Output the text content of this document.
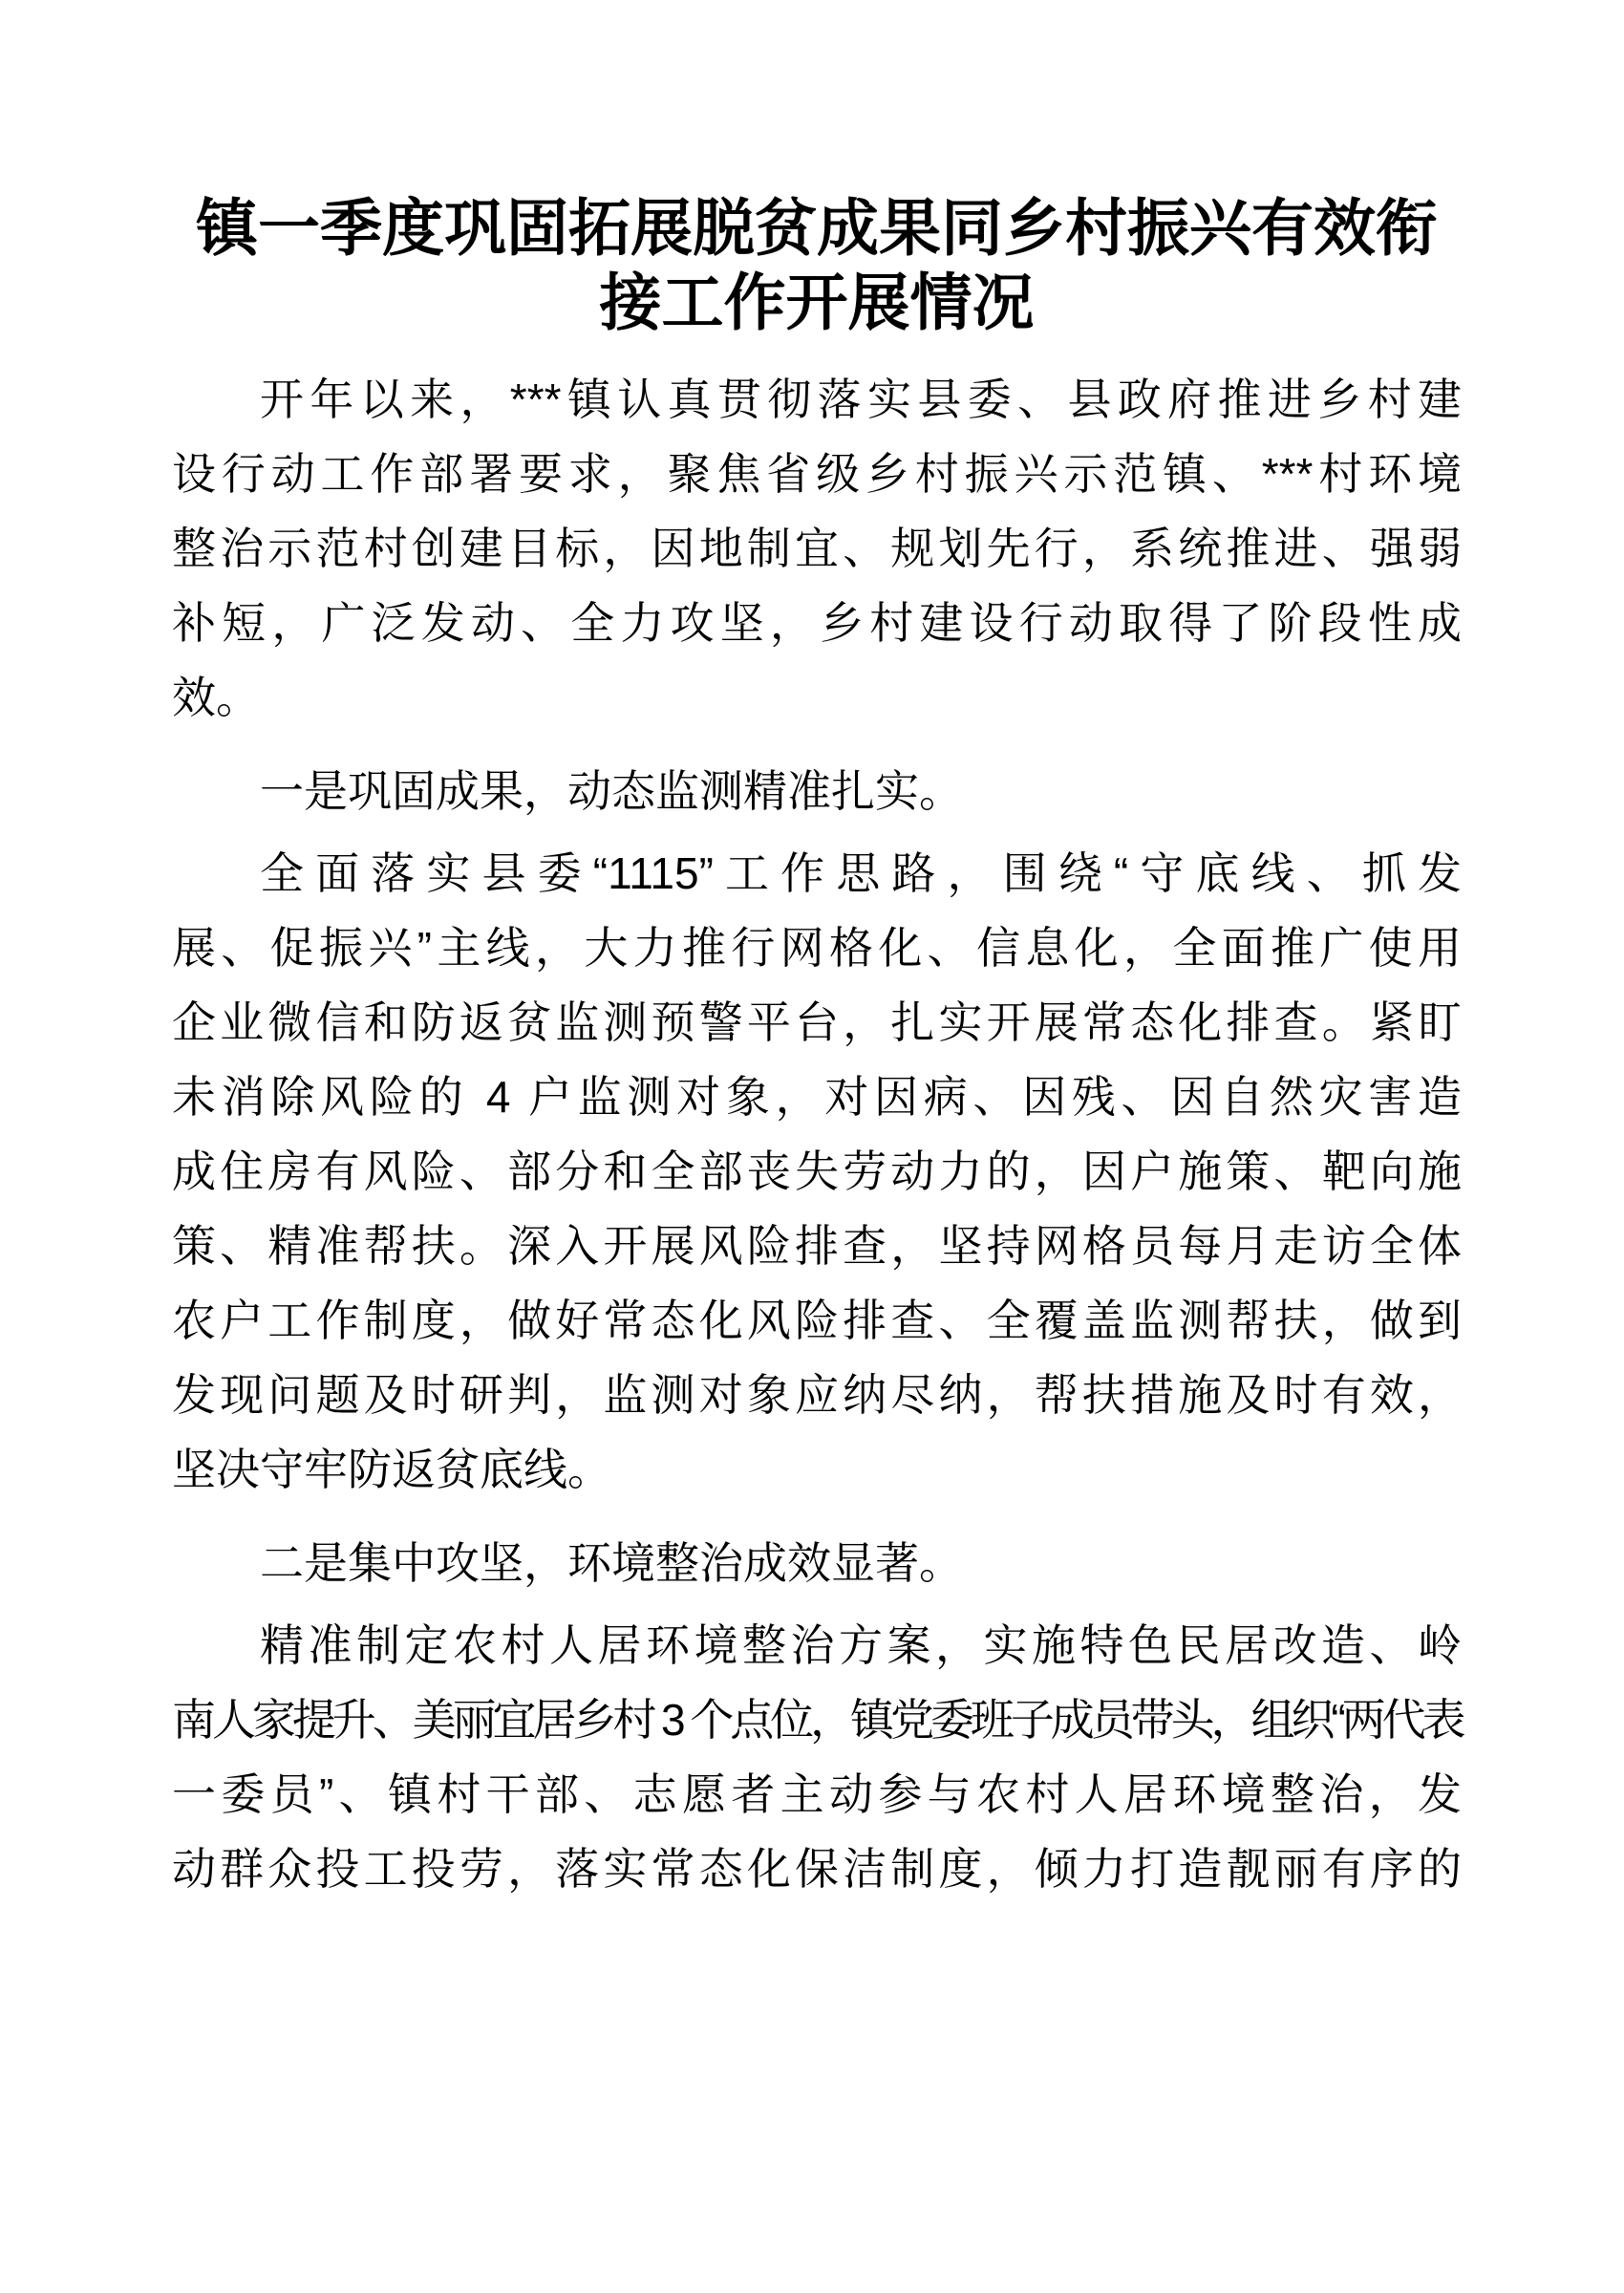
镇一季度巩固拓展脱贫成果同乡村振兴有效衔
接工作开展情况
开年以来，***镇认真贯彻落实县委、县政府推进乡村建
设行动工作部署要求，聚焦省级乡村振兴示范镇、***村环境
整治示范村创建目标，因地制宜、规划先行，系统推进、强弱
补短，广泛发动、全力攻坚，乡村建设行动取得了阶段性成
效。
一是巩固成果，动态监测精准扎实。
全面落实县委“1115”工作思路，围绕“守底线、抓发
展、促振兴”主线，大力推行网格化、信息化，全面推广使用
企业微信和防返贫监测预警平台，扎实开展常态化排查。紧盯
未消除风险的 4 户监测对象，对因病、因残、因自然灾害造
成住房有风险、部分和全部丧失劳动力的，因户施策、靶向施
策、精准帮扶。深入开展风险排查，坚持网格员每月走访全体
农户工作制度，做好常态化风险排查、全覆盖监测帮扶，做到
发现问题及时研判，监测对象应纳尽纳，帮扶措施及时有效，
坚决守牢防返贫底线。
二是集中攻坚，环境整治成效显著。
精准制定农村人居环境整治方案，实施特色民居改造、岭
南人家提升、美丽宜居乡村 3 个点位，镇党委班子成员带头，组织“两代表
一委员”、镇村干部、志愿者主动参与农村人居环境整治，发
动群众投工投劳，落实常态化保洁制度，倾力打造靓丽有序的
